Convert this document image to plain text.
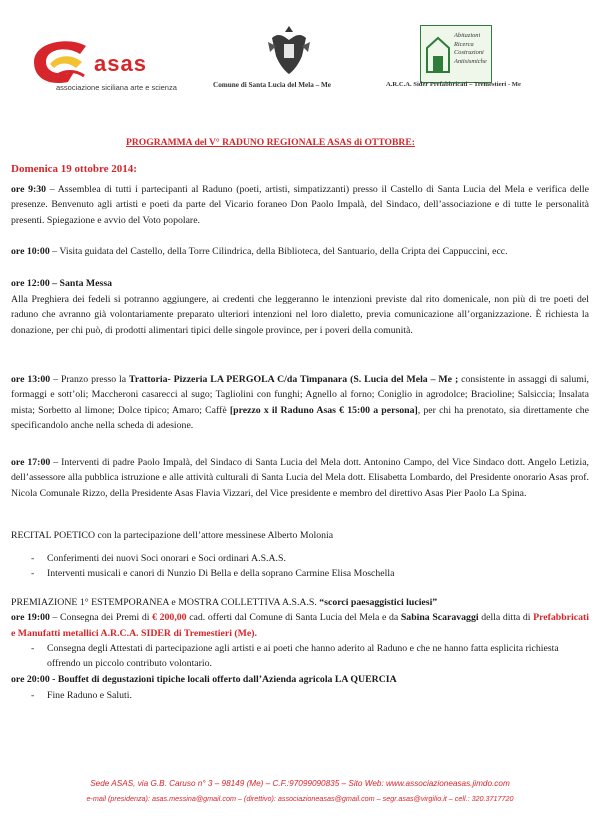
asas
associazione siciliana arte e scienza	Comune di Santa Lucia del Mela – Me
Abitazioni
Ricerca
Costruzioni
Antisismiche
A.R.C.A. Sider Prefabbricati – Tremestieri - Me
PROGRAMMA del V° RADUNO REGIONALE ASAS di OTTOBRE:
Domenica 19 ottobre 2014:
ore 9:30 – Assemblea di tutti i partecipanti al Raduno (poeti, artisti, simpatizzanti) presso il Castello di Santa Lucia del Mela e verifica delle presenze. Benvenuto agli artisti e poeti da parte del Vicario foraneo Don Paolo Impalà, del Sindaco, dell’associazione e di tutte le personalità presenti. Spiegazione e avvio del Voto popolare.
ore 10:00 – Visita guidata del Castello, della Torre Cilindrica, della Biblioteca, del Santuario, della Cripta dei Cappuccini, ecc.
ore 12:00 – Santa Messa
Alla Preghiera dei fedeli si potranno aggiungere, ai credenti che leggeranno le intenzioni previste dal rito domenicale, non più di tre poeti del raduno che avranno già volontariamente preparato ulteriori intenzioni nel loro dialetto, previa comunicazione all’organizzazione. È richiesta la donazione, per chi può, di prodotti alimentari tipici delle singole province, per i poveri della comunità.
ore 13:00 – Pranzo presso la Trattoria- Pizzeria LA PERGOLA C/da Timpanara (S. Lucia del Mela – Me ; consistente in assaggi di salumi, formaggi e sott’oli; Maccheroni casarecci al sugo; Tagliolini con funghi; Agnello al forno; Coniglio in agrodolce; Bracioline; Salsiccia; Insalata mista; Sorbetto al limone; Dolce tipico; Amaro; Caffè [prezzo x il Raduno Asas € 15:00 a persona], per chi ha prenotato, sia direttamente che specificandolo anche nella scheda di adesione.
ore 17:00 – Interventi di padre Paolo Impalà, del Sindaco di Santa Lucia del Mela dott. Antonino Campo, del Vice Sindaco dott. Angelo Letizia, dell’assessore alla pubblica istruzione e alle attività culturali di Santa Lucia del Mela dott. Elisabetta Lombardo, del Presidente onorario Asas prof. Nicola Comunale Rizzo, della Presidente Asas Flavia Vizzari, del Vice presidente e membro del direttivo Asas Pier Paolo La Spina.
RECITAL POETICO con la partecipazione dell’attore messinese Alberto Molonia
- Conferimenti dei nuovi Soci onorari e Soci ordinari A.S.A.S.
- Interventi musicali e canori di Nunzio Di Bella e della soprano Carmine Elisa Moschella
PREMIAZIONE 1° ESTEMPORANEA e MOSTRA COLLETTIVA A.S.A.S. “scorci paesaggistici luciesi”
ore 19:00 – Consegna dei Premi di € 200,00 cad. offerti dal Comune di Santa Lucia del Mela e da Sabina Scaravaggi della ditta di Prefabbricati e Manufatti metallici A.R.C.A. SIDER di Tremestieri (Me).
- Consegna degli Attestati di partecipazione agli artisti e ai poeti che hanno aderito al Raduno e che ne hanno fatta esplicita richiesta offrendo un piccolo contributo volontario.
ore 20:00 - Bouffet di degustazioni tipiche locali offerto dall’Azienda agricola LA QUERCIA
- Fine Raduno e Saluti.
Sede ASAS, via G.B. Caruso n° 3 – 98149 (Me) – C.F.:97099090835 – Sito Web: www.associazioneasas.jimdo.com
e-mail (presidenza): asas.messina@gmail.com – (direttivo): associazioneasas@gmail.com – segr.asas@virgilio.it – cell.: 320.3717720
